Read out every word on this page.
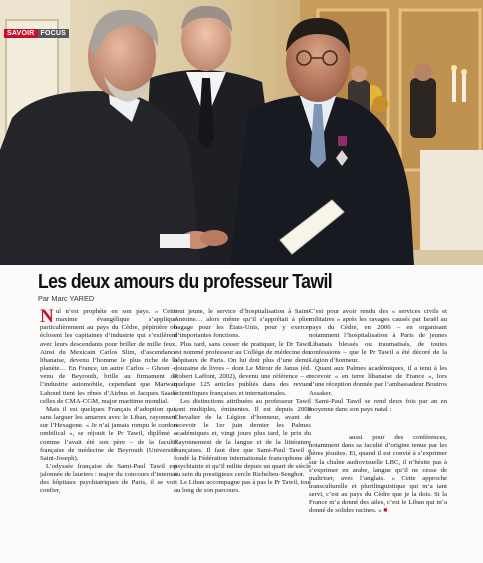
SAVOIR FOCUS
Les deux amours du professeur Tawil
Par Marc YARED

Nul n’est prophète en son pays. » Cette maxime évangélique s’applique particulièrement au pays du Cèdre, pépinière où éclosent les capitaines d’industrie qui s’exilèrent avec leurs descendants pour briller de mille feux. Ainsi du Mexicain Carlos Slim, d’ascendance libanaise, devenu l’homme le plus riche de la planète… En France, un autre Carlos – Ghosn –, venu de Beyrouth, brille au firmament de l’industrie automobile, cependant que Marwan Lahoud tient les rênes d’Airbus et Jacques Saadé celles de CMA-CGM, major maritime mondial.

Mais il est quelques Français d’adoption qui, sans larguer les amarres avec le Liban, rayonnent sur l’Hexagone. « Je n’ai jamais rompu le cordon ombilical », se réjouit le Pr Tawil, diplômé – comme l’avait été son père – de la faculté française de médecine de Beyrouth (Université Saint-Joseph).

L’odyssée française de Sami-Paul Tawil est jalonnée de lauriers : major du concours d’internat des hôpitaux psychiatriques de Paris, il se voit confier,

tout jeune, le service d’hospitalisation à Saint-Antoine… alors même qu’il s’apprêtait à plier bagage pour les États-Unis, pour y exercer d’importantes fonctions.

Plus tard, sans cesser de pratiquer, le Dr Tawil est nommé professeur au Collège de médecine des hôpitaux de Paris. On lui doit plus d’une demi-douzaine de livres – dont Le Miroir de Janus (éd. Robert Laffont, 2002), devenu une référence – et quelque 125 articles publiés dans des revues scientifiques françaises et internationales.

Les distinctions attribuées au professeur Tawil sont multiples, éminentes. Il est depuis 2008 Chevalier de la Légion d’honneur, avant de recevoir le 1er juin dernier les Palmes académiques et, vingt jours plus tard, le prix du Rayonnement de la langue et de la littérature françaises. Il faut dire que Sami-Paul Tawil a fondé la Fédération internationale francophone de psychiatrie et qu’il milite depuis un quart de siècle au sein du prestigieux cercle Richelieu-Senghor.

Le Liban accompagne pas à pas le Pr Tawil, tout au long de son parcours.

C’est pour avoir rendu des « services civils et militaires » après les ravages causés par Israël au pays du Cèdre, en 2006 – en organisant notamment l’hospitalisation à Paris de jeunes Libanais blessés ou traumatisés, de toutes confessions – que le Pr Tawil a été décoré de la Légion d’honneur.

Quant aux Palmes académiques, il a tenu à les recevoir « en terre libanaise de France », lors d’une réception donnée par l’ambassadeur Boutros Assaker.

Sami-Paul Tawil se rend deux fois par an en moyenne dans son pays natal :

aussi pour des conférences, notamment dans sa faculté d’origine tenue par les pères jésuites. Et, quand il est convié à s’exprimer sur la chaîne audiovisuelle LBC, il n’hésite pas à s’exprimer en arabe, langue qu’il ne cesse de maîtriser, avec l’anglais. « Cette approche transculturelle et plurilinguistique qui m’a tant servi, c’est au pays du Cèdre que je la dois. Si la France m’a donné des ailes, c’est le Liban qui m’a donné de solides racines. » ■
